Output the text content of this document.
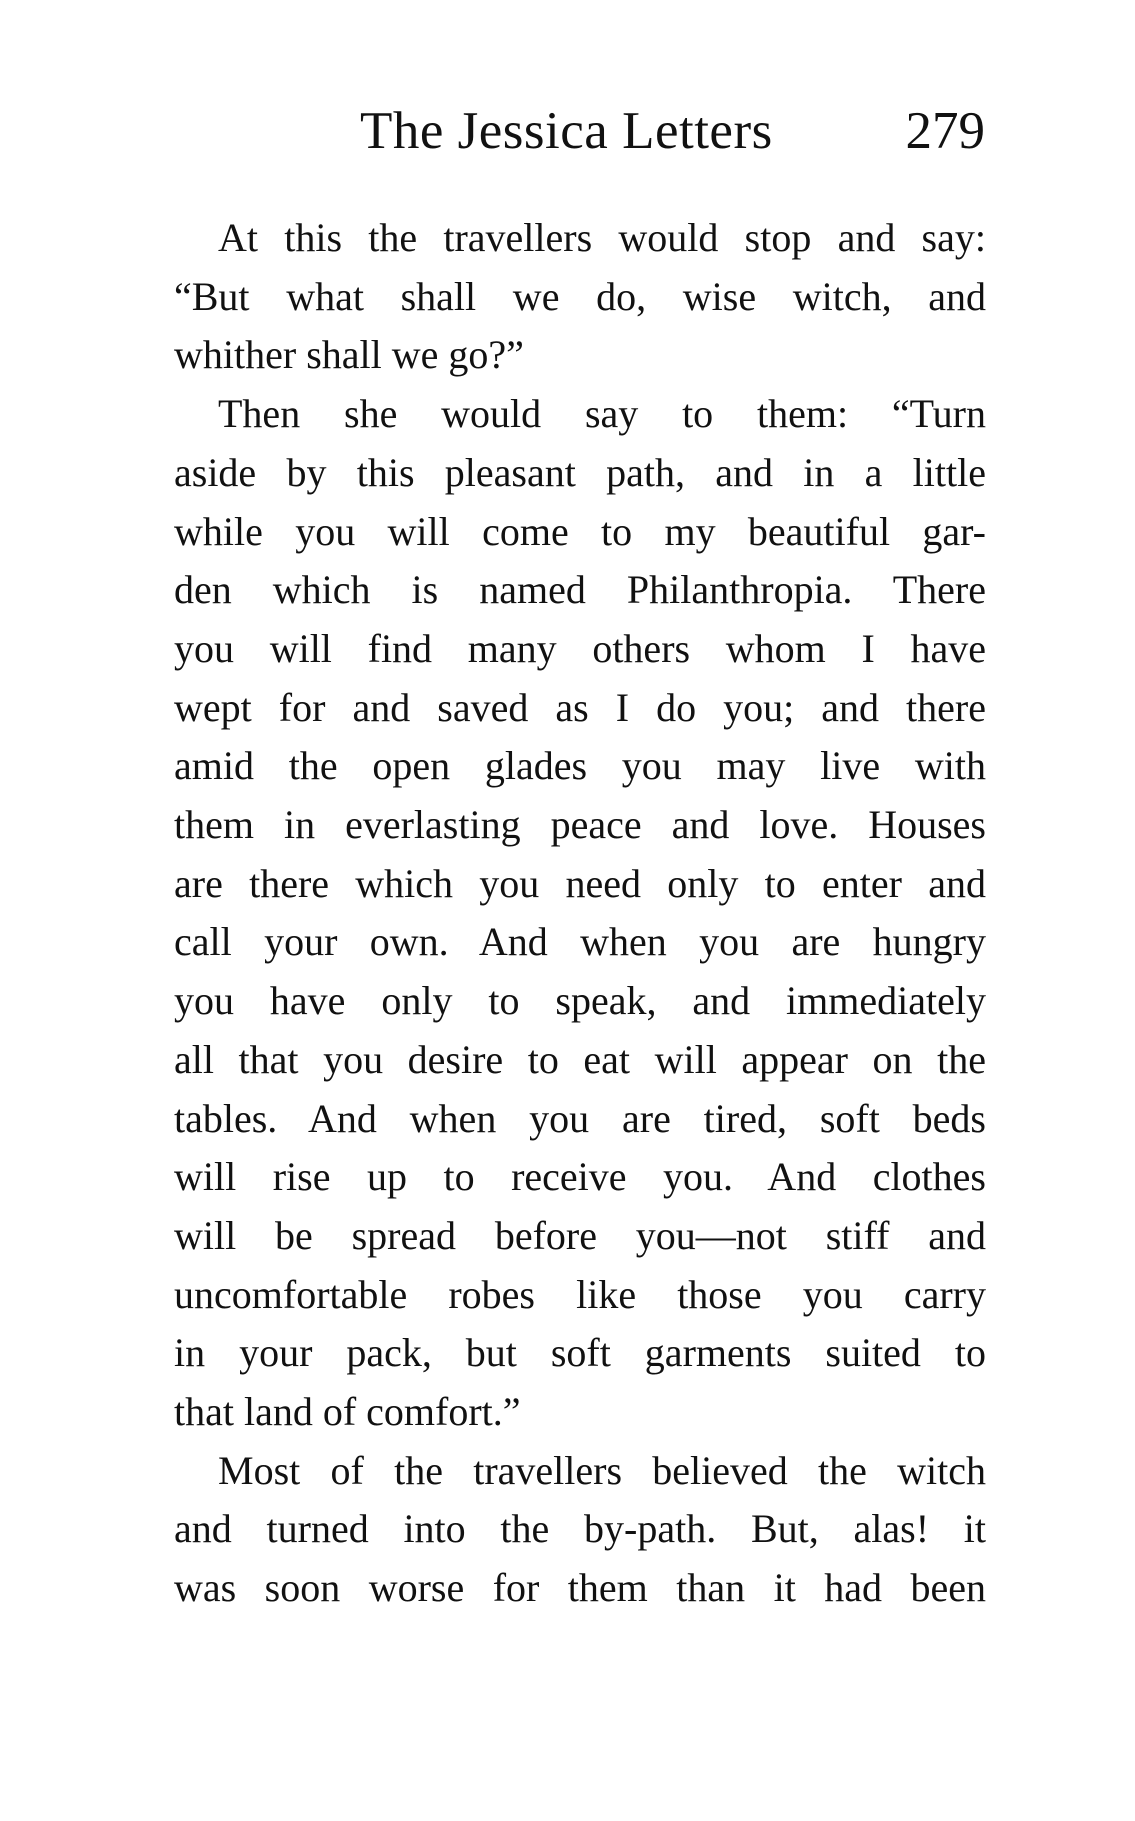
The Jessica Letters	279
At this the travellers would stop and say:
“But what shall we do, wise witch, and
whither shall we go?”
Then she would say to them: “Turn
aside by this pleasant path, and in a little
while you will come to my beautiful gar-
den which is named Philanthropia. There
you will find many others whom I have
wept for and saved as I do you; and there
amid the open glades you may live with
them in everlasting peace and love. Houses
are there which you need only to enter and
call your own. And when you are hungry
you have only to speak, and immediately
all that you desire to eat will appear on the
tables. And when you are tired, soft beds
will rise up to receive you. And clothes
will be spread before you—not stiff and
uncomfortable robes like those you carry
in your pack, but soft garments suited to
that land of comfort.”
Most of the travellers believed the witch
and turned into the by-path. But, alas! it
was soon worse for them than it had been
